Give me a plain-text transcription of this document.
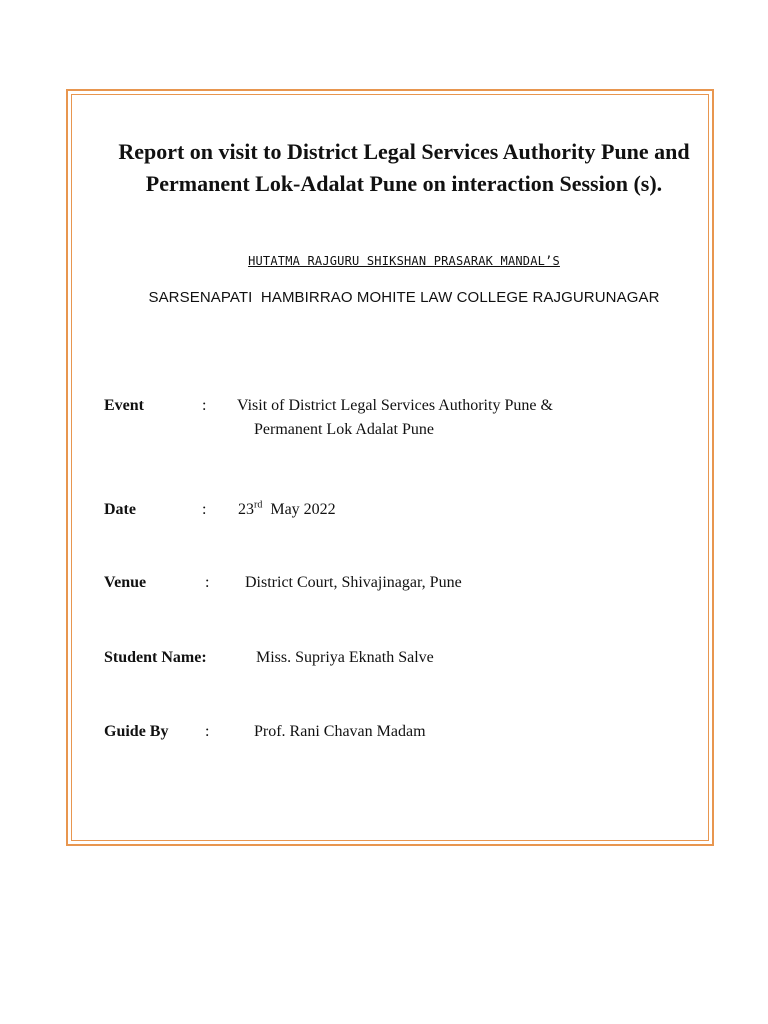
Report on visit to District Legal Services Authority Pune and
Permanent Lok-Adalat Pune on interaction Session (s).

HUTATMA RAJGURU SHIKSHAN PRASARAK MANDAL’S

SARSENAPATI  HAMBIRRAO MOHITE LAW COLLEGE RAJGURUNAGAR

Event	: Visit of District Legal Services Authority Pune &
Permanent Lok Adalat Pune
Date	: 23rd May 2022
Venue	: District Court, Shivajinagar, Pune
Student Name:	Miss. Supriya Eknath Salve
Guide By :	Prof. Rani Chavan Madam
